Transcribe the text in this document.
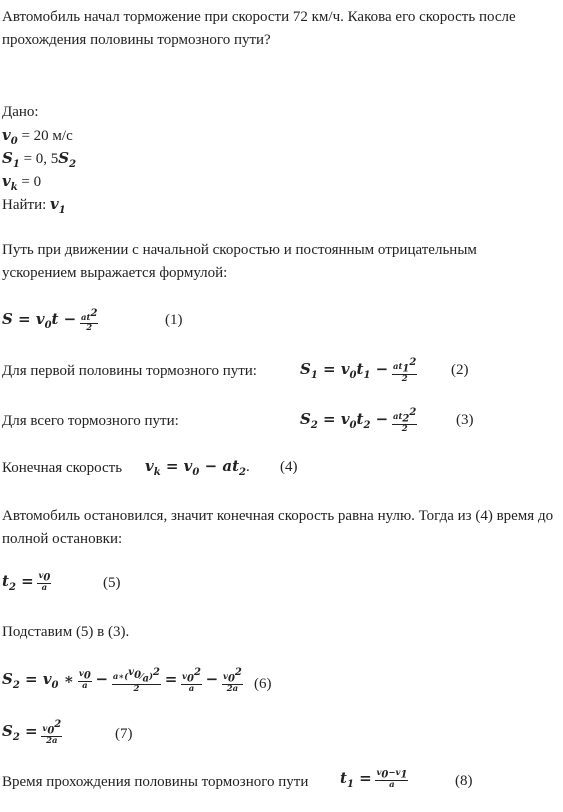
Автомобиль начал торможение при скорости 72 км/ч. Какова его скорость после прохождения половины тормозного пути?
Дано:
$v_0 = 20$ м/с
$S_1 = 0$, $5S_2$
$v_k = 0$
Найти: $v_1$
Путь при движении с начальной скоростью и постоянным отрицательным
ускорением выражается формулой:
$S = v_0t - \frac{at^2}{2}$	(1)
Для первой половины тормозного пути:	$S_1 = v_0t_1 - \frac{at_1^2}{2} (2)$
Для всего тормозного пути:	$S_2 = v_0t_2 - \frac{at_2^2}{2}$	(3)
Конечная скорость $v_k = v_0 - at_2$. (4)
Автомобиль остановился, значит конечная скорость равна нулю. Тогда из (4) время до
полной остановки:
$t_2 = \frac{v_0}{a}$	(5)
Подставим (5) в (3).
$S_2 = v_0$ ∗ $\frac{v_0}{a} - \frac{a∗(^{v_0}⁄_a)^2}{2} = \frac{v_0^2}{a} - \frac{v_0^2}{2a} (6)$
$S_2 = \frac{v_0^2}{2a}$	(7)
Время прохождения половины тормозного пути $t_1 = \frac{v_0-v_1}{a}$	(8)
